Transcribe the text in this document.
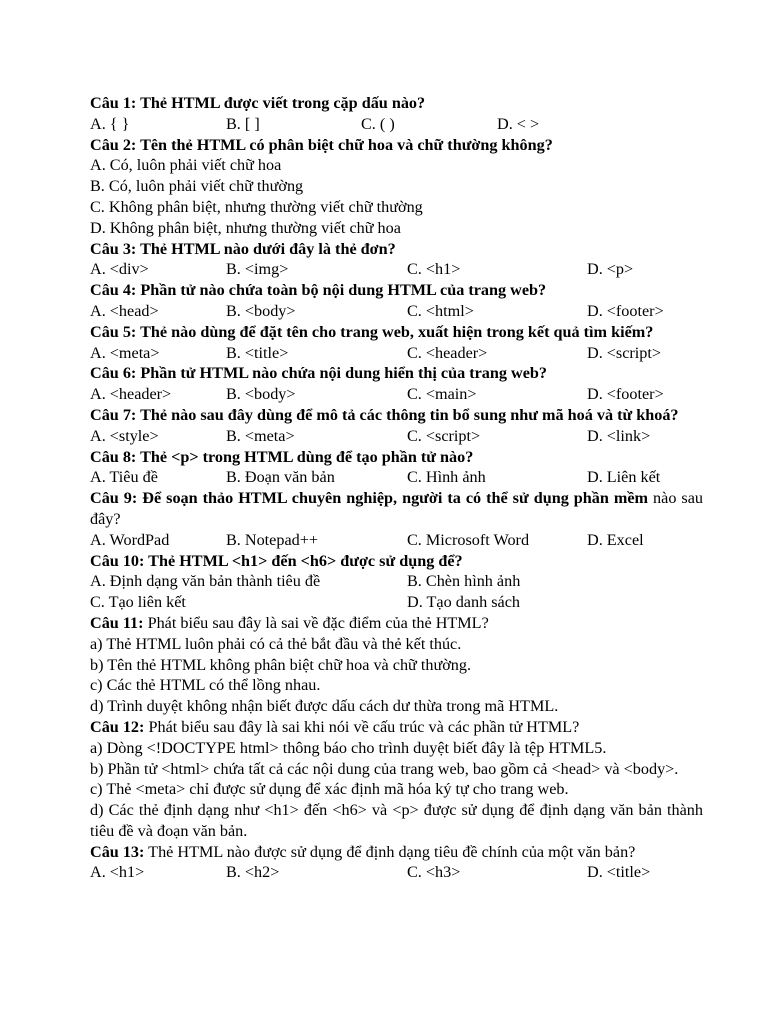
Câu 1: Thẻ HTML được viết trong cặp dấu nào?
A. { }	B. [ ]	C. ( )	D. < >
Câu 2: Tên thẻ HTML có phân biệt chữ hoa và chữ thường không?
A. Có, luôn phải viết chữ hoa
B. Có, luôn phải viết chữ thường
C. Không phân biệt, nhưng thường viết chữ thường
D. Không phân biệt, nhưng thường viết chữ hoa
Câu 3: Thẻ HTML nào dưới đây là thẻ đơn?
A. <div>	B. <img>	C. <h1>	D. <p>
Câu 4: Phần tử nào chứa toàn bộ nội dung HTML của trang web?
A. <head>	B. <body>	C. <html>	D. <footer>
Câu 5: Thẻ nào dùng để đặt tên cho trang web, xuất hiện trong kết quả tìm kiếm?
A. <meta>	B. <title>	C. <header>	D. <script>
Câu 6: Phần tử HTML nào chứa nội dung hiển thị của trang web?
A. <header>	B. <body>	C. <main>	D. <footer>
Câu 7: Thẻ nào sau đây dùng để mô tả các thông tin bổ sung như mã hoá và từ khoá?
A. <style>	B. <meta>	C. <script>	D. <link>
Câu 8: Thẻ <p> trong HTML dùng để tạo phần tử nào?
A. Tiêu đề	B. Đoạn văn bản	C. Hình ảnh	D. Liên kết
Câu 9: Để soạn thảo HTML chuyên nghiệp, người ta có thể sử dụng phần mềm nào sau đây?
A. WordPad	B. Notepad++	C. Microsoft Word	D. Excel
Câu 10: Thẻ HTML <h1> đến <h6> được sử dụng để?
A. Định dạng văn bản thành tiêu đề	B. Chèn hình ảnh
C. Tạo liên kết	D. Tạo danh sách
Câu 11: Phát biểu sau đây là sai về đặc điểm của thẻ HTML?
a) Thẻ HTML luôn phải có cả thẻ bắt đầu và thẻ kết thúc.
b) Tên thẻ HTML không phân biệt chữ hoa và chữ thường.
c) Các thẻ HTML có thể lồng nhau.
d) Trình duyệt không nhận biết được dấu cách dư thừa trong mã HTML.
Câu 12: Phát biểu sau đây là sai khi nói về cấu trúc và các phần tử HTML?
a) Dòng <!DOCTYPE html> thông báo cho trình duyệt biết đây là tệp HTML5.
b) Phần tử <html> chứa tất cả các nội dung của trang web, bao gồm cả <head> và <body>.
c) Thẻ <meta> chỉ được sử dụng để xác định mã hóa ký tự cho trang web.
d) Các thẻ định dạng như <h1> đến <h6> và <p> được sử dụng để định dạng văn bản thành tiêu đề và đoạn văn bản.
Câu 13: Thẻ HTML nào được sử dụng để định dạng tiêu đề chính của một văn bản?
A. <h1>	B. <h2>	C. <h3>	D. <title>
